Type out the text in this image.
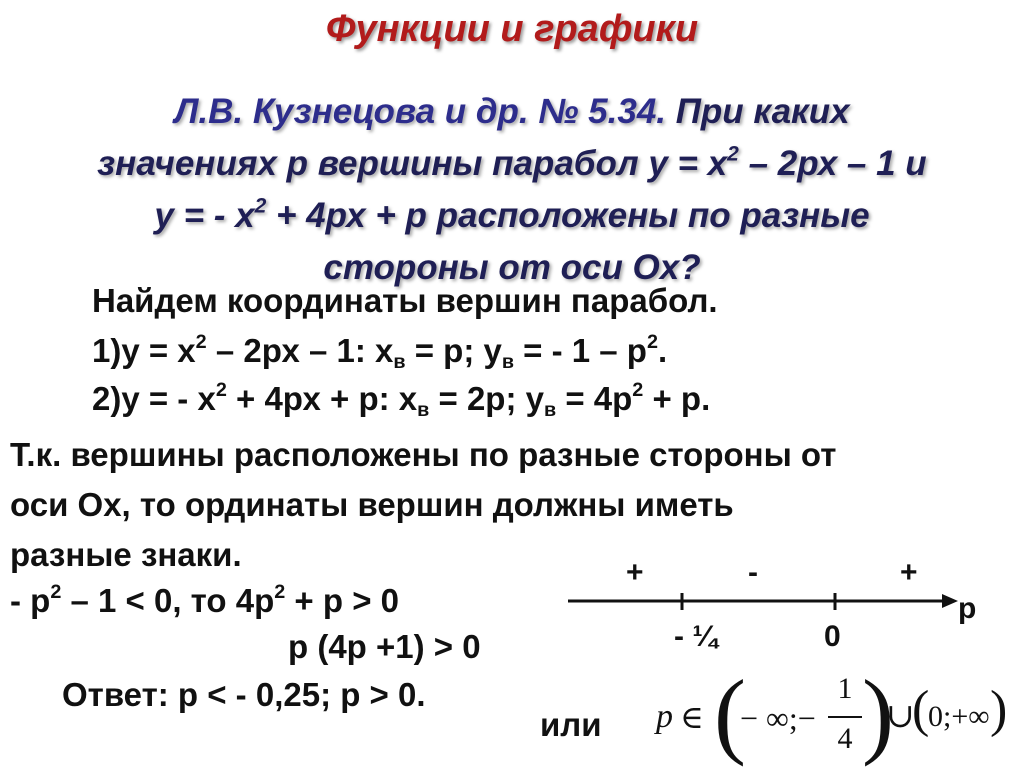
Функции и графики
Л.В. Кузнецова и др. № 5.34. При каких
значениях р вершины парабол $у = х^2 - 2рх - 1$ и
у = - $х^2 + 4рх + р$ расположены по разные
стороны от оси Ох?
Найдем координаты вершин парабол.
$1)у = х^2 - 2рх - 1$: $х_в = р$; $у_в$ = - $1 - р^2$.
2)у = - $х^2 + 4рх + р$: $х_в = 2р$; $у_в = 4р^2 + р$.
Т.к. вершины расположены по разные стороны от
оси Ох, то ординаты вершин должны иметь
разные знаки.
- $р^2 - 1 < 0$, то $4р^2 + р > 0$
р (4р +1) > 0
Ответ: р < - 0,25; р > 0.
или
+	-	+
- ¼	0
р
p ∈ (
− ∞;−
1
4 )
∪
(
0;+∞ )
